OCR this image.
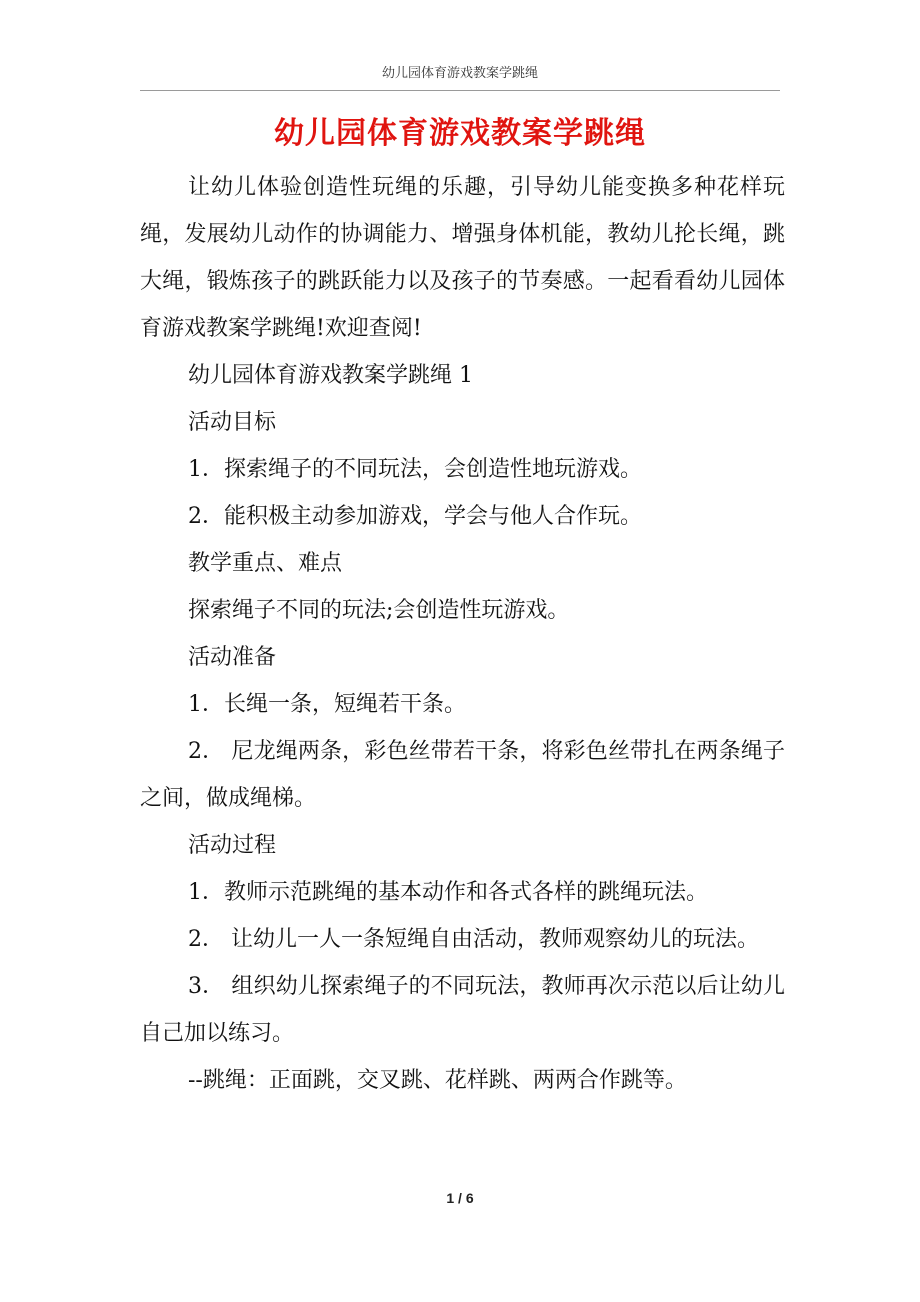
幼儿园体育游戏教案学跳绳
幼儿园体育游戏教案学跳绳

让幼儿体验创造性玩绳的乐趣，引导幼儿能变换多种花样玩绳，发展幼儿动作的协调能力、增强身体机能，教幼儿抡长绳，跳大绳，锻炼孩子的跳跃能力以及孩子的节奏感。一起看看幼儿园体育游戏教案学跳绳!欢迎查阅!

幼儿园体育游戏教案学跳绳 1

活动目标

1．探索绳子的不同玩法，会创造性地玩游戏。

2．能积极主动参加游戏，学会与他人合作玩。

教学重点、难点

探索绳子不同的玩法;会创造性玩游戏。

活动准备

1．长绳一条，短绳若干条。

2． 尼龙绳两条，彩色丝带若干条，将彩色丝带扎在两条绳子之间，做成绳梯。

活动过程

1．教师示范跳绳的基本动作和各式各样的跳绳玩法。

2． 让幼儿一人一条短绳自由活动，教师观察幼儿的玩法。

3． 组织幼儿探索绳子的不同玩法，教师再次示范以后让幼儿自己加以练习。

--跳绳：正面跳，交叉跳、花样跳、两两合作跳等。

1 / 6
